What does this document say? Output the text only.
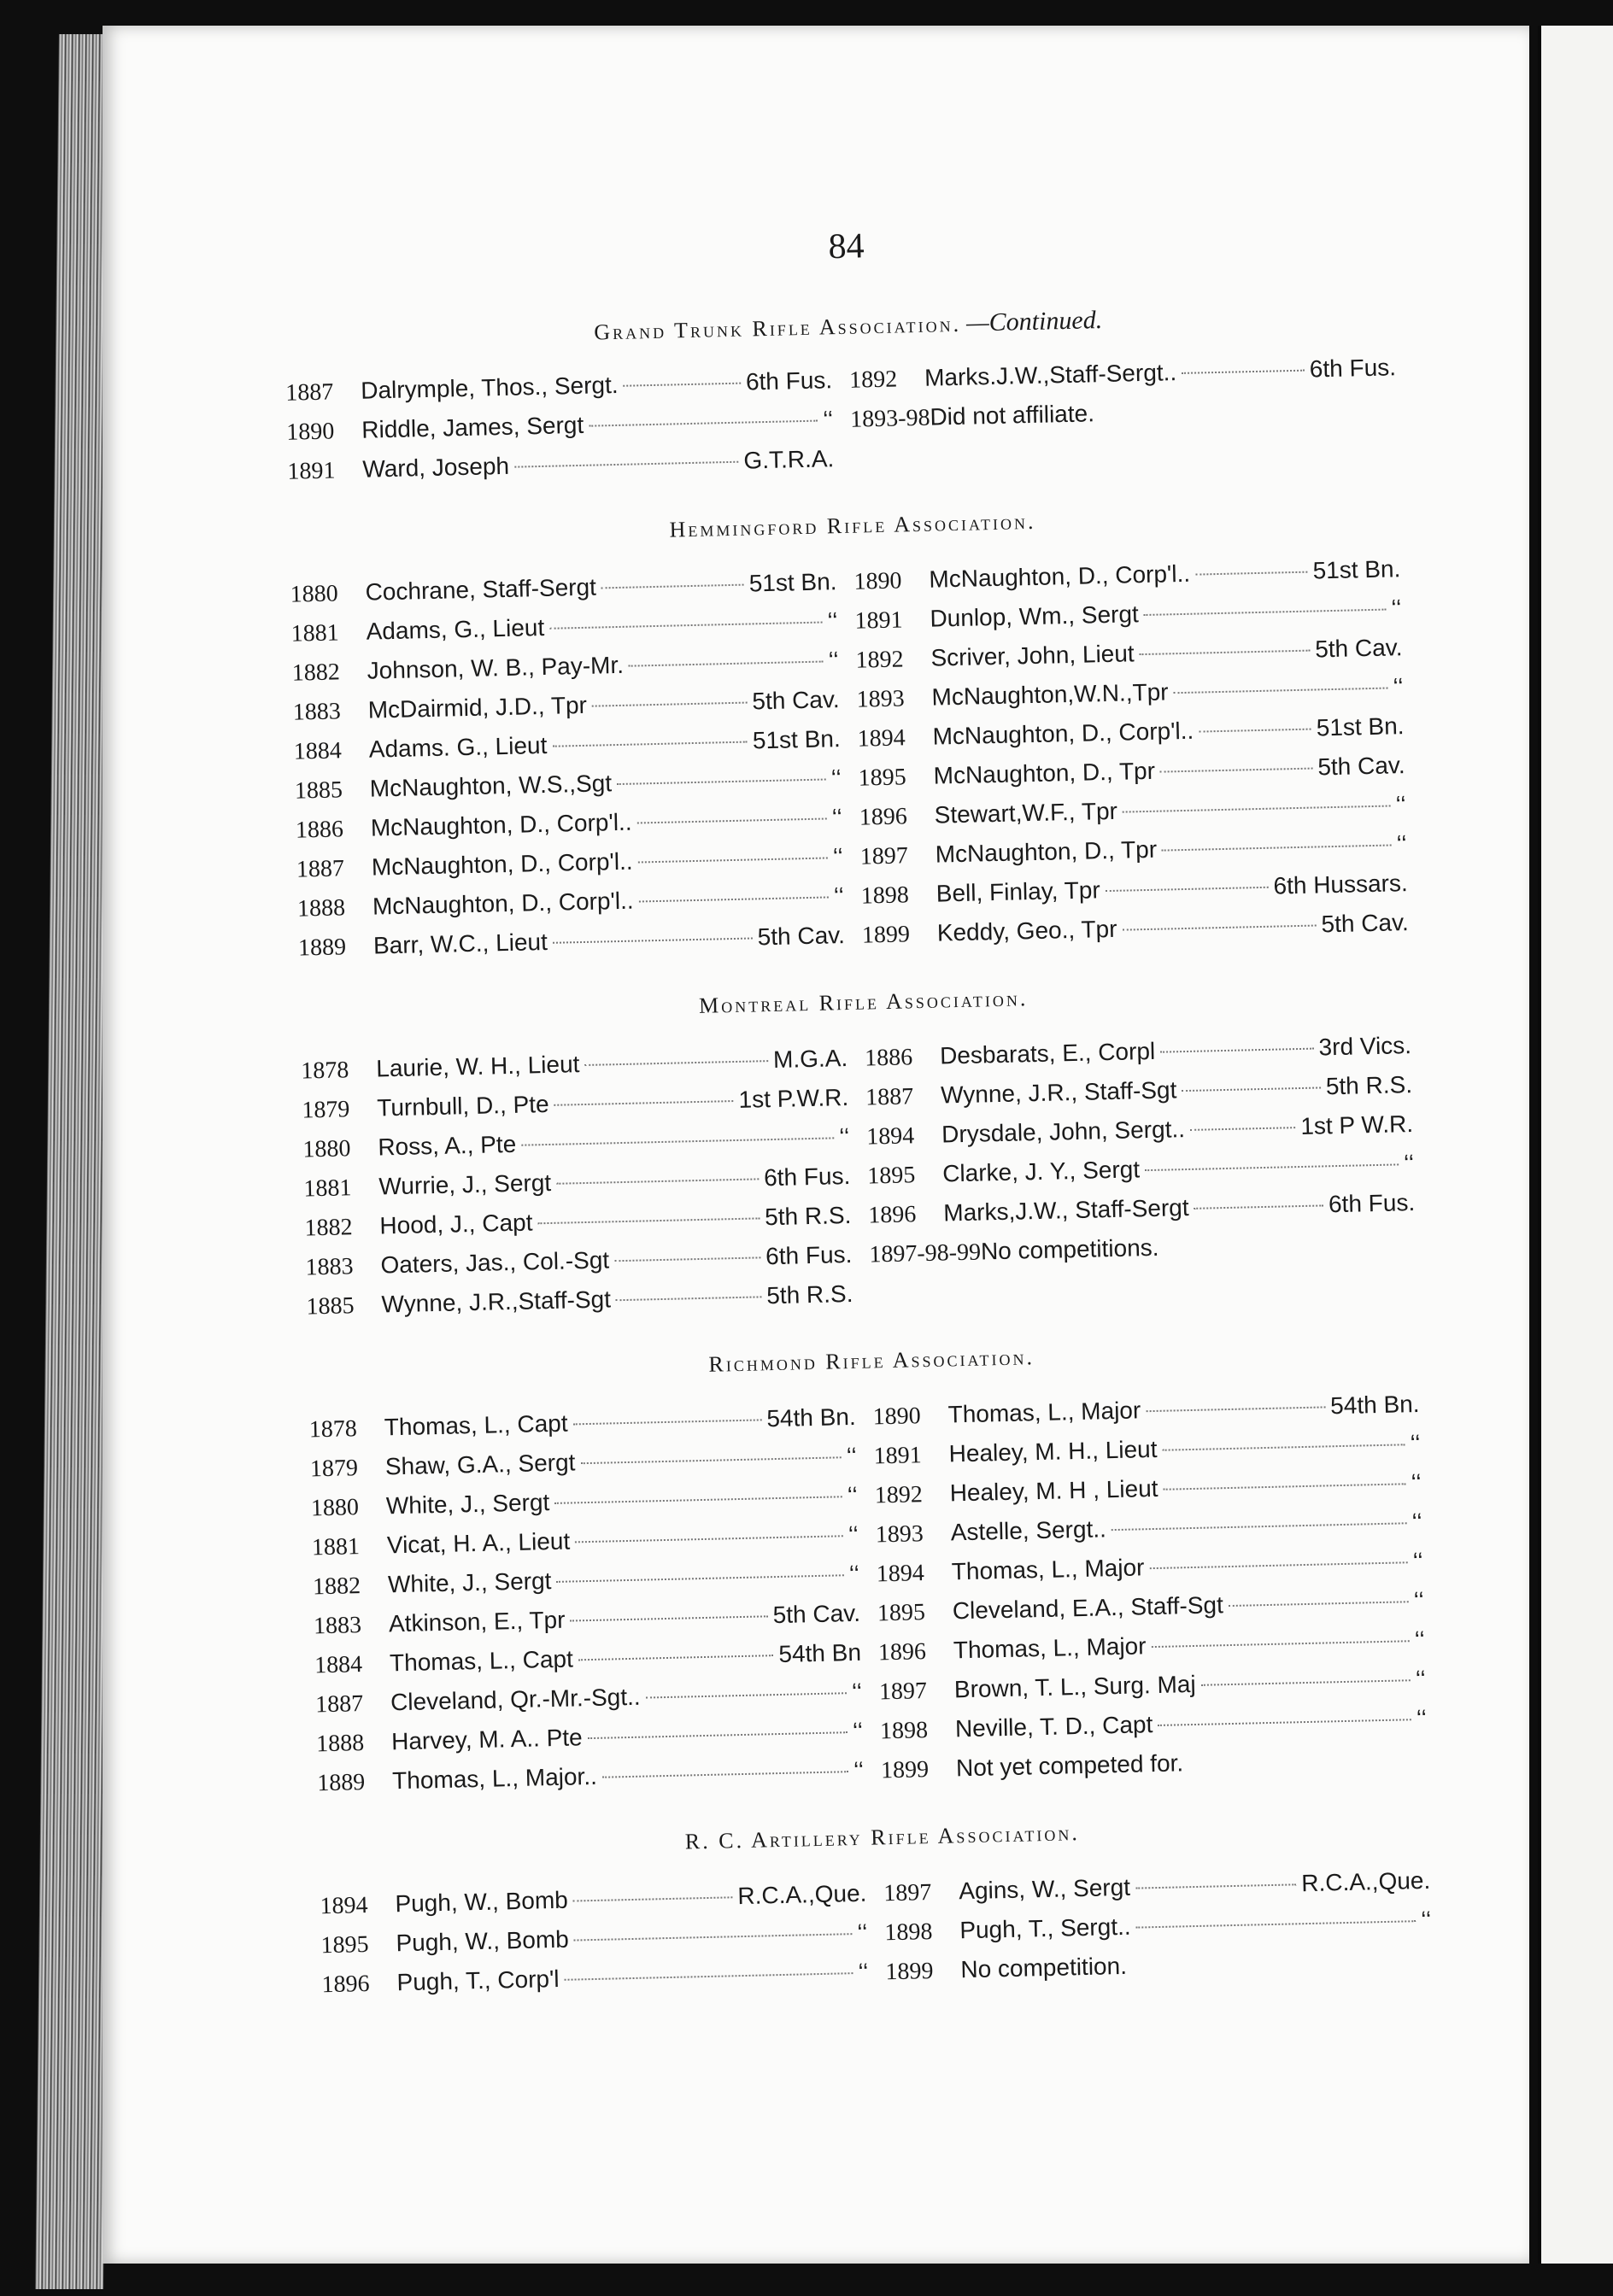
84
Grand Trunk Rifle Association. —Continued.
1887	Dalrymple, Thos., Sergt.	6th Fus.
1890	Riddle, James, Sergt	‘‘
1891	Ward, Joseph	G.T.R.A.
1892	Marks.J.W.,Staff-Sergt..	6th Fus.
1893-98 Did not affiliate.
Hemmingford Rifle Association.
1880	Cochrane, Staff-Sergt	51st Bn.
1881	Adams, G., Lieut	‘‘
1882	Johnson, W. B., Pay-Mr.	‘‘
1883	McDairmid, J.D., Tpr	5th Cav.
1884	Adams. G., Lieut	51st Bn.
1885	McNaughton, W.S.,Sgt	‘‘
1886	McNaughton, D., Corp'l..	‘‘
1887	McNaughton, D., Corp'l..	‘‘
1888	McNaughton, D., Corp'l..	‘‘
1889	Barr, W.C., Lieut	5th Cav.
1890	McNaughton, D., Corp'l..	51st Bn.
1891	Dunlop, Wm., Sergt	‘‘
1892	Scriver, John, Lieut	5th Cav.
1893	McNaughton,W.N.,Tpr	‘‘
1894	McNaughton, D., Corp'l..	51st Bn.
1895	McNaughton, D., Tpr	5th Cav.
1896	Stewart,W.F., Tpr	‘‘
1897	McNaughton, D., Tpr	‘‘
1898	Bell, Finlay, Tpr	6th Hussars.
1899	Keddy, Geo., Tpr	5th Cav.
Montreal Rifle Association.
1878	Laurie, W. H., Lieut	M.G.A.
1879	Turnbull, D., Pte	1st P.W.R.
1880	Ross, A., Pte	‘‘
1881	Wurrie, J., Sergt	6th Fus.
1882	Hood, J., Capt	5th R.S.
1883	Oaters, Jas., Col.-Sgt	6th Fus.
1885	Wynne, J.R.,Staff-Sgt	5th R.S.
1886	Desbarats, E., Corpl	3rd Vics.
1887	Wynne, J.R., Staff-Sgt	5th R.S.
1894	Drysdale, John, Sergt..	1st P W.R.
1895	Clarke, J. Y., Sergt	‘‘
1896	Marks,J.W., Staff-Sergt	6th Fus.
1897-98-99 No competitions.
Richmond Rifle Association.
1878	Thomas, L., Capt	54th Bn.
1879	Shaw, G.A., Sergt	‘‘
1880	White, J., Sergt	‘‘
1881	Vicat, H. A., Lieut	‘‘
1882	White, J., Sergt	‘‘
1883	Atkinson, E., Tpr	5th Cav.
1884	Thomas, L., Capt	54th Bn
1887	Cleveland, Qr.-Mr.-Sgt..	‘‘
1888	Harvey, M. A.. Pte	‘‘
1889	Thomas, L., Major..	‘‘
1890	Thomas, L., Major	54th Bn.
1891	Healey, M. H., Lieut	‘‘
1892	Healey, M. H , Lieut	‘‘
1893	Astelle, Sergt..	‘‘
1894	Thomas, L., Major	‘‘
1895	Cleveland, E.A., Staff-Sgt	‘‘
1896	Thomas, L., Major	‘‘
1897	Brown, T. L., Surg. Maj	‘‘
1898	Neville, T. D., Capt	‘‘
1899	Not yet competed for.
R. C. Artillery Rifle Association.
1894	Pugh, W., Bomb	R.C.A.,Que.
1895	Pugh, W., Bomb	‘‘
1896	Pugh, T., Corp'l	‘‘
1897	Agins, W., Sergt	R.C.A.,Que.
1898	Pugh, T., Sergt..	‘‘
1899	No competition.
